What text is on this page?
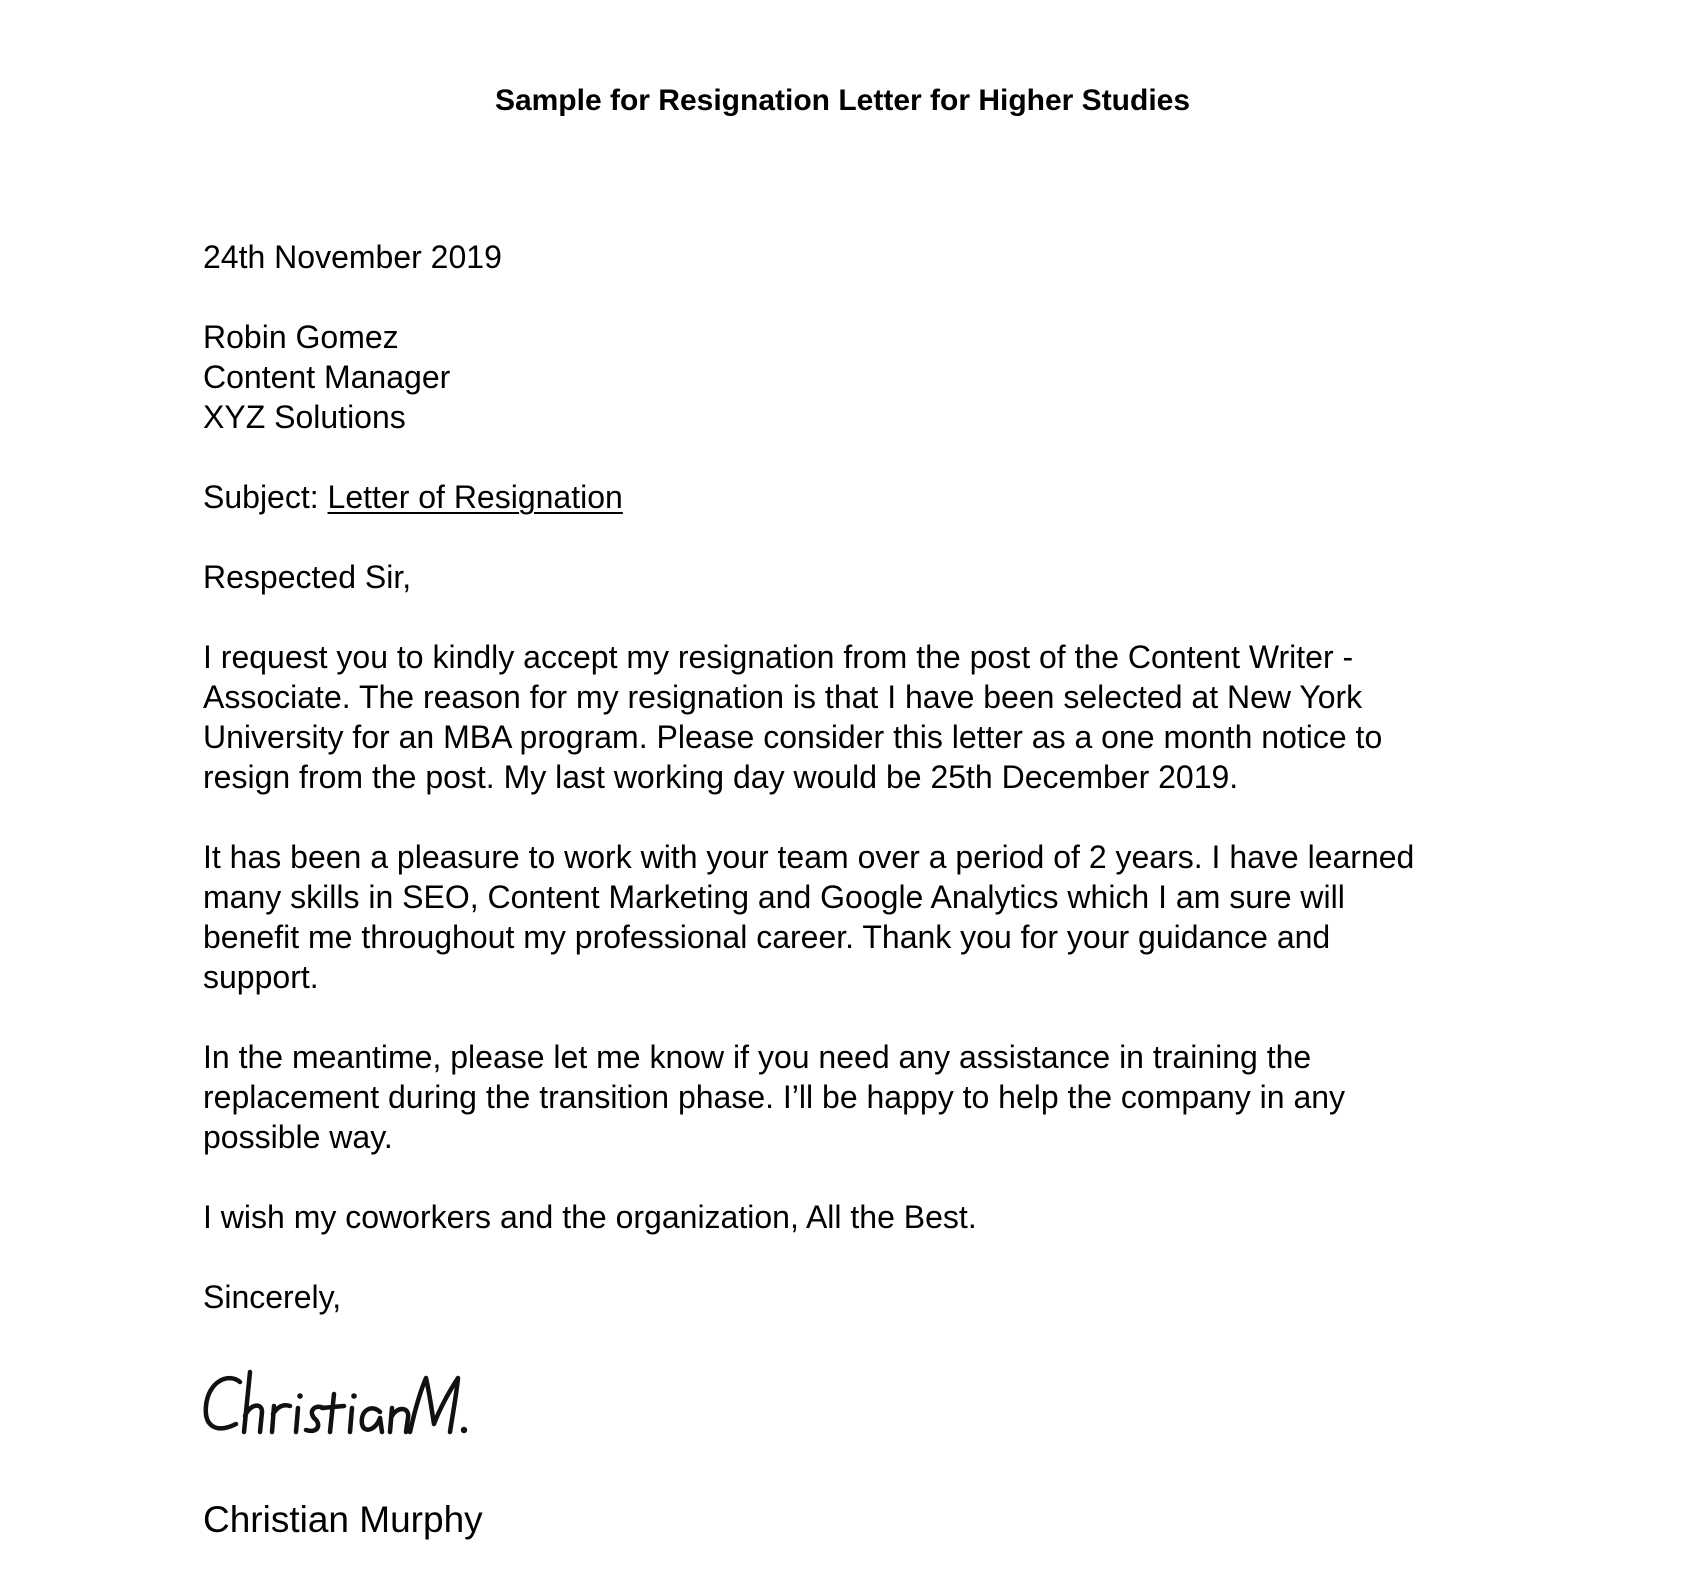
Sample for Resignation Letter for Higher Studies

24th November 2019

Robin Gomez
Content Manager
XYZ Solutions

Subject: Letter of Resignation

Respected Sir,

I request you to kindly accept my resignation from the post of the Content Writer -
Associate. The reason for my resignation is that I have been selected at New York
University for an MBA program. Please consider this letter as a one month notice to
resign from the post. My last working day would be 25th December 2019.
It has been a pleasure to work with your team over a period of 2 years. I have learned
many skills in SEO, Content Marketing and Google Analytics which I am sure will
benefit me throughout my professional career. Thank you for your guidance and
support.
In the meantime, please let me know if you need any assistance in training the
replacement during the transition phase. I’ll be happy to help the company in any
possible way.
I wish my coworkers and the organization, All the Best.

Sincerely,

Christian Murphy
